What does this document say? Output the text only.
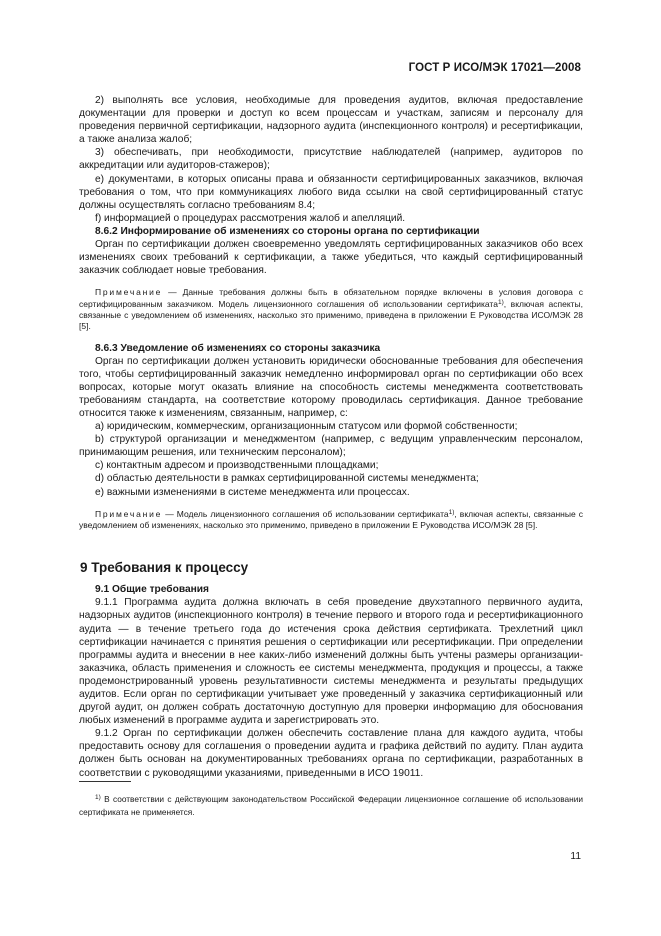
ГОСТ Р ИСО/МЭК 17021—2008

2) выполнять все условия, необходимые для проведения аудитов, включая предоставление документации для проверки и доступ ко всем процессам и участкам, записям и персоналу для проведения первичной сертификации, надзорного аудита (инспекционного контроля) и ресертификации, а также анализа жалоб;

3) обеспечивать, при необходимости, присутствие наблюдателей (например, аудиторов по аккредитации или аудиторов-стажеров);

е) документами, в которых описаны права и обязанности сертифицированных заказчиков, включая требования о том, что при коммуникациях любого вида ссылки на свой сертифицированный статус должны осуществлять согласно требованиям 8.4;

f) информацией о процедурах рассмотрения жалоб и апелляций.

8.6.2 Информирование об изменениях со стороны органа по сертификации

Орган по сертификации должен своевременно уведомлять сертифицированных заказчиков обо всех изменениях своих требований к сертификации, а также убедиться, что каждый сертифицированный заказчик соблюдает новые требования.

Примечание — Данные требования должны быть в обязательном порядке включены в условия договора с сертифицированным заказчиком. Модель лицензионного соглашения об использовании сертификата$^{1)}$, включая аспекты, связанные с уведомлением об изменениях, насколько это применимо, приведена в приложении Е Руководства ИСО/МЭК 28 [5].

8.6.3 Уведомление об изменениях со стороны заказчика

Орган по сертификации должен установить юридически обоснованные требования для обеспечения того, чтобы сертифицированный заказчик немедленно информировал орган по сертификации обо всех вопросах, которые могут оказать влияние на способность системы менеджмента соответствовать требованиям стандарта, на соответствие которому проводилась сертификация. Данное требование относится также к изменениям, связанным, например, с:

а) юридическим, коммерческим, организационным статусом или формой собственности;

b) структурой организации и менеджментом (например, с ведущим управленческим персоналом, принимающим решения, или техническим персоналом);

с) контактным адресом и производственными площадками;

d) областью деятельности в рамках сертифицированной системы менеджмента;

е) важными изменениями в системе менеджмента или процессах.

Примечание — Модель лицензионного соглашения об использовании сертификата$^{1)}$, включая аспекты, связанные с уведомлением об изменениях, насколько это применимо, приведено в приложении Е Руководства ИСО/МЭК 28 [5].

9 Требования к процессу

9.1 Общие требования

9.1.1 Программа аудита должна включать в себя проведение двухэтапного первичного аудита, надзорных аудитов (инспекционного контроля) в течение первого и второго года и ресертификационного аудита — в течение третьего года до истечения срока действия сертификата. Трехлетний цикл сертификации начинается с принятия решения о сертификации или ресертификации. При определении программы аудита и внесении в нее каких-либо изменений должны быть учтены размеры организации-заказчика, область применения и сложность ее системы менеджмента, продукция и процессы, а также продемонстрированный уровень результативности системы менеджмента и результаты предыдущих аудитов. Если орган по сертификации учитывает уже проведенный у заказчика сертификационный или другой аудит, он должен собрать достаточную доступную для проверки информацию для обоснования любых изменений в программе аудита и зарегистрировать это.

9.1.2 Орган по сертификации должен обеспечить составление плана для каждого аудита, чтобы предоставить основу для соглашения о проведении аудита и графика действий по аудиту. План аудита должен быть основан на документированных требованиях органа по сертификации, разработанных в соответствии с руководящими указаниями, приведенными в ИСО 19011.

$^{1)}$ В соответствии с действующим законодательством Российской Федерации лицензионное соглашение об использовании сертификата не применяется.
11
